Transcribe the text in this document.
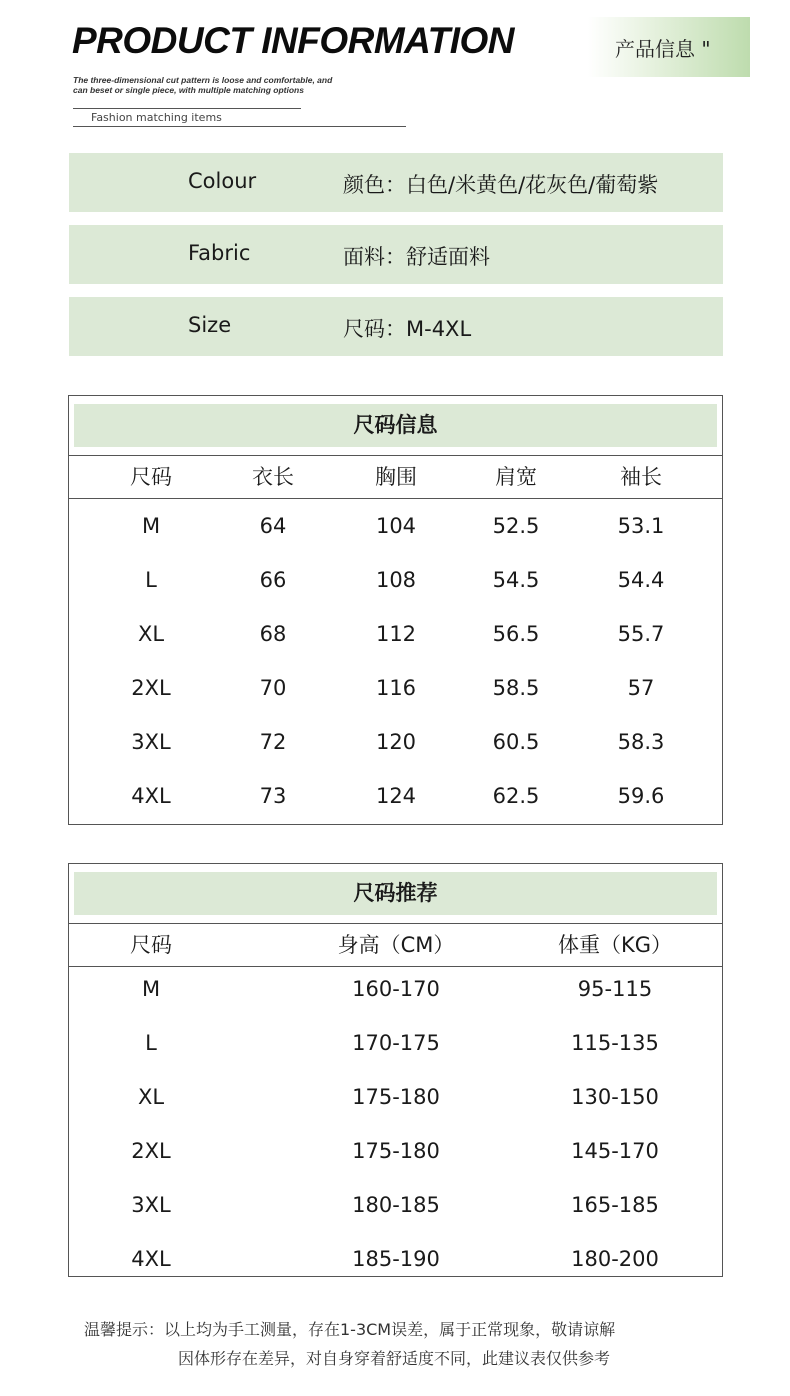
PRODUCT INFORMATION	产品信息 "
The three-dimensional cut pattern is loose and comfortable, and
can beset or single piece, with multiple matching options
Fashion matching items
Colour	颜色：白色/米黄色/花灰色/葡萄紫
Fabric	面料：舒适面料
Size	尺码：M-4XL
尺码信息
尺码	衣长	胸围	肩宽	袖长
M	64	104	52.5	53.1
L	66	108	54.5	54.4
XL	68	112	56.5	55.7
2XL	70	116	58.5	57
3XL	72	120	60.5	58.3
4XL	73	124	62.5	59.6
尺码推荐
尺码	身高（CM）	体重（KG）
M	160-170	95-115
L	170-175	115-135
XL	175-180	130-150
2XL	175-180	145-170
3XL	180-185	165-185
4XL	185-190	180-200
温馨提示：以上均为手工测量，存在1-3CM误差，属于正常现象，敬请谅解
因体形存在差异，对自身穿着舒适度不同，此建议表仅供参考
